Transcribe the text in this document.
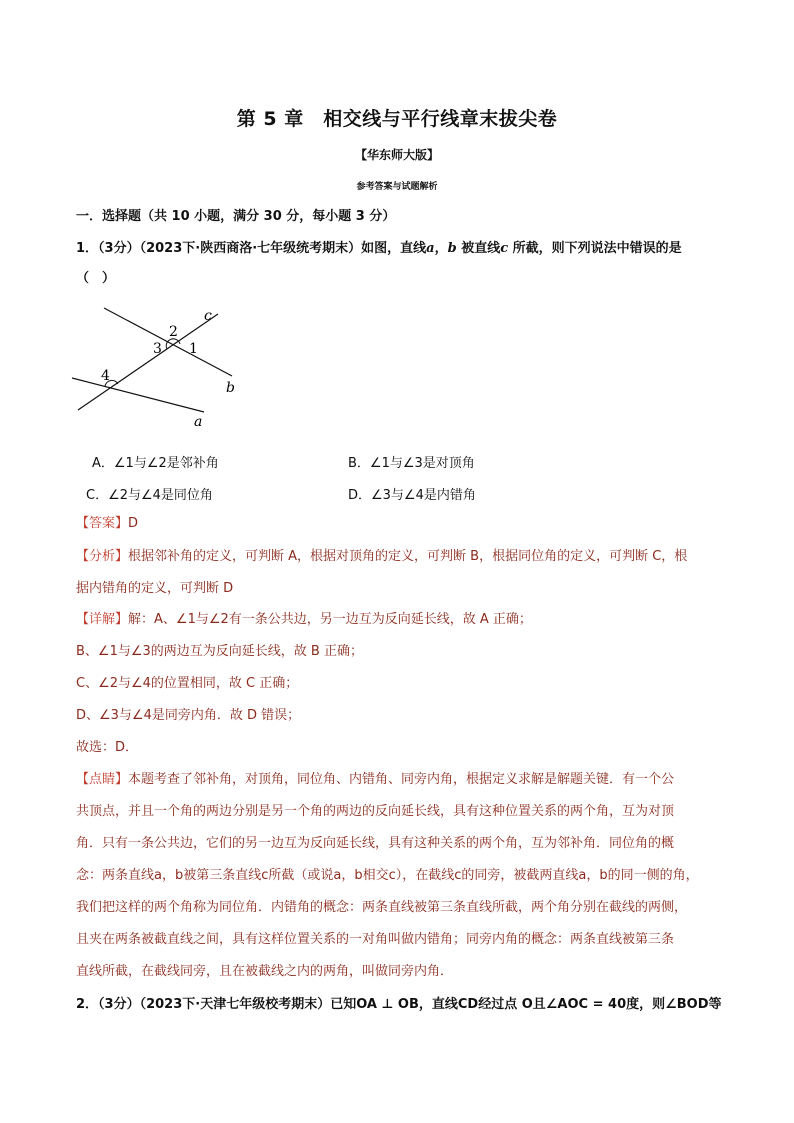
第 5 章　相交线与平行线章末拔尖卷
【华东师大版】
参考答案与试题解析
一．选择题（共 10 小题，满分 30 分，每小题 3 分）
1．（3分）（2023下·陕西商洛·七年级统考期末）如图，直线a，b 被直线c 所截，则下列说法中错误的是
（　）
2
3 1
4
c
b
a
A．∠1与∠2是邻补角	B．∠1与∠3是对顶角
C．∠2与∠4是同位角	D．∠3与∠4是内错角
【答案】D
【分析】根据邻补角的定义，可判断 A，根据对顶角的定义，可判断 B，根据同位角的定义，可判断 C，根
据内错角的定义，可判断 D
【详解】解：A、∠1与∠2有一条公共边，另一边互为反向延长线，故 A 正确；
B、∠1与∠3的两边互为反向延长线，故 B 正确；
C、∠2与∠4的位置相同，故 C 正确；
D、∠3与∠4是同旁内角．故 D 错误；
故选：D．
【点睛】本题考查了邻补角，对顶角，同位角、内错角、同旁内角，根据定义求解是解题关键．有一个公
共顶点，并且一个角的两边分别是另一个角的两边的反向延长线，具有这种位置关系的两个角，互为对顶
角．只有一条公共边，它们的另一边互为反向延长线，具有这种关系的两个角，互为邻补角．同位角的概
念：两条直线a，b被第三条直线c所截（或说a，b相交c），在截线c的同旁，被截两直线a，b的同一侧的角，
我们把这样的两个角称为同位角．内错角的概念：两条直线被第三条直线所截，两个角分别在截线的两侧，
且夹在两条被截直线之间，具有这样位置关系的一对角叫做内错角；同旁内角的概念：两条直线被第三条
直线所截，在截线同旁，且在被截线之内的两角，叫做同旁内角．
2．（3分）（2023下·天津七年级校考期末）已知OA ⊥ OB，直线CD经过点 O且∠AOC = 40度，则∠BOD等
